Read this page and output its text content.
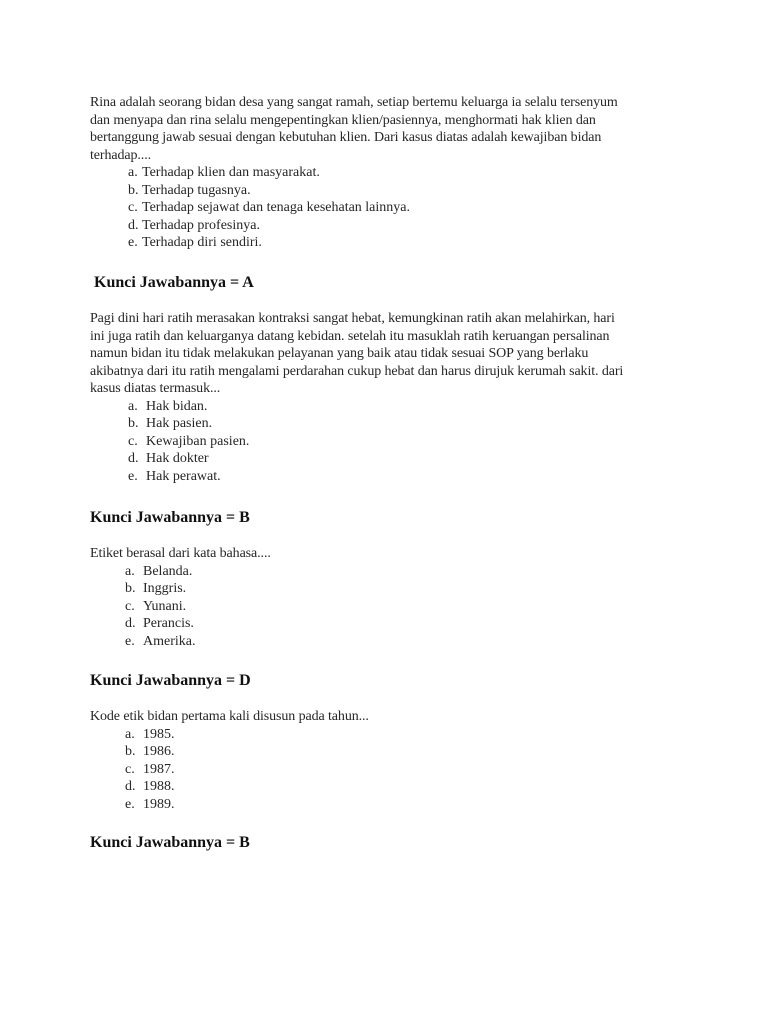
Rina adalah seorang bidan desa yang sangat ramah, setiap bertemu keluarga ia selalu tersenyum
dan menyapa dan rina selalu mengepentingkan klien/pasiennya, menghormati hak klien dan
bertanggung jawab sesuai dengan kebutuhan klien. Dari kasus diatas adalah kewajiban bidan
terhadap....

a. Terhadap klien dan masyarakat.
b. Terhadap tugasnya.
c. Terhadap sejawat dan tenaga kesehatan lainnya.
d. Terhadap profesinya.
e. Terhadap diri sendiri.

Kunci Jawabannya = A

Pagi dini hari ratih merasakan kontraksi sangat hebat, kemungkinan ratih akan melahirkan, hari
ini juga ratih dan keluarganya datang kebidan. setelah itu masuklah ratih keruangan persalinan
namun bidan itu tidak melakukan pelayanan yang baik atau tidak sesuai SOP yang berlaku
akibatnya dari itu ratih mengalami perdarahan cukup hebat dan harus dirujuk kerumah sakit. dari
kasus diatas termasuk...

a. Hak bidan.
b. Hak pasien.
c. Kewajiban pasien.
d. Hak dokter
e. Hak perawat.

Kunci Jawabannya = B

Etiket berasal dari kata bahasa....

a. Belanda.
b. Inggris.
c. Yunani.
d. Perancis.
e. Amerika.

Kunci Jawabannya = D

Kode etik bidan pertama kali disusun pada tahun...

a. 1985.
b. 1986.
c. 1987.
d. 1988.
e. 1989.

Kunci Jawabannya = B
